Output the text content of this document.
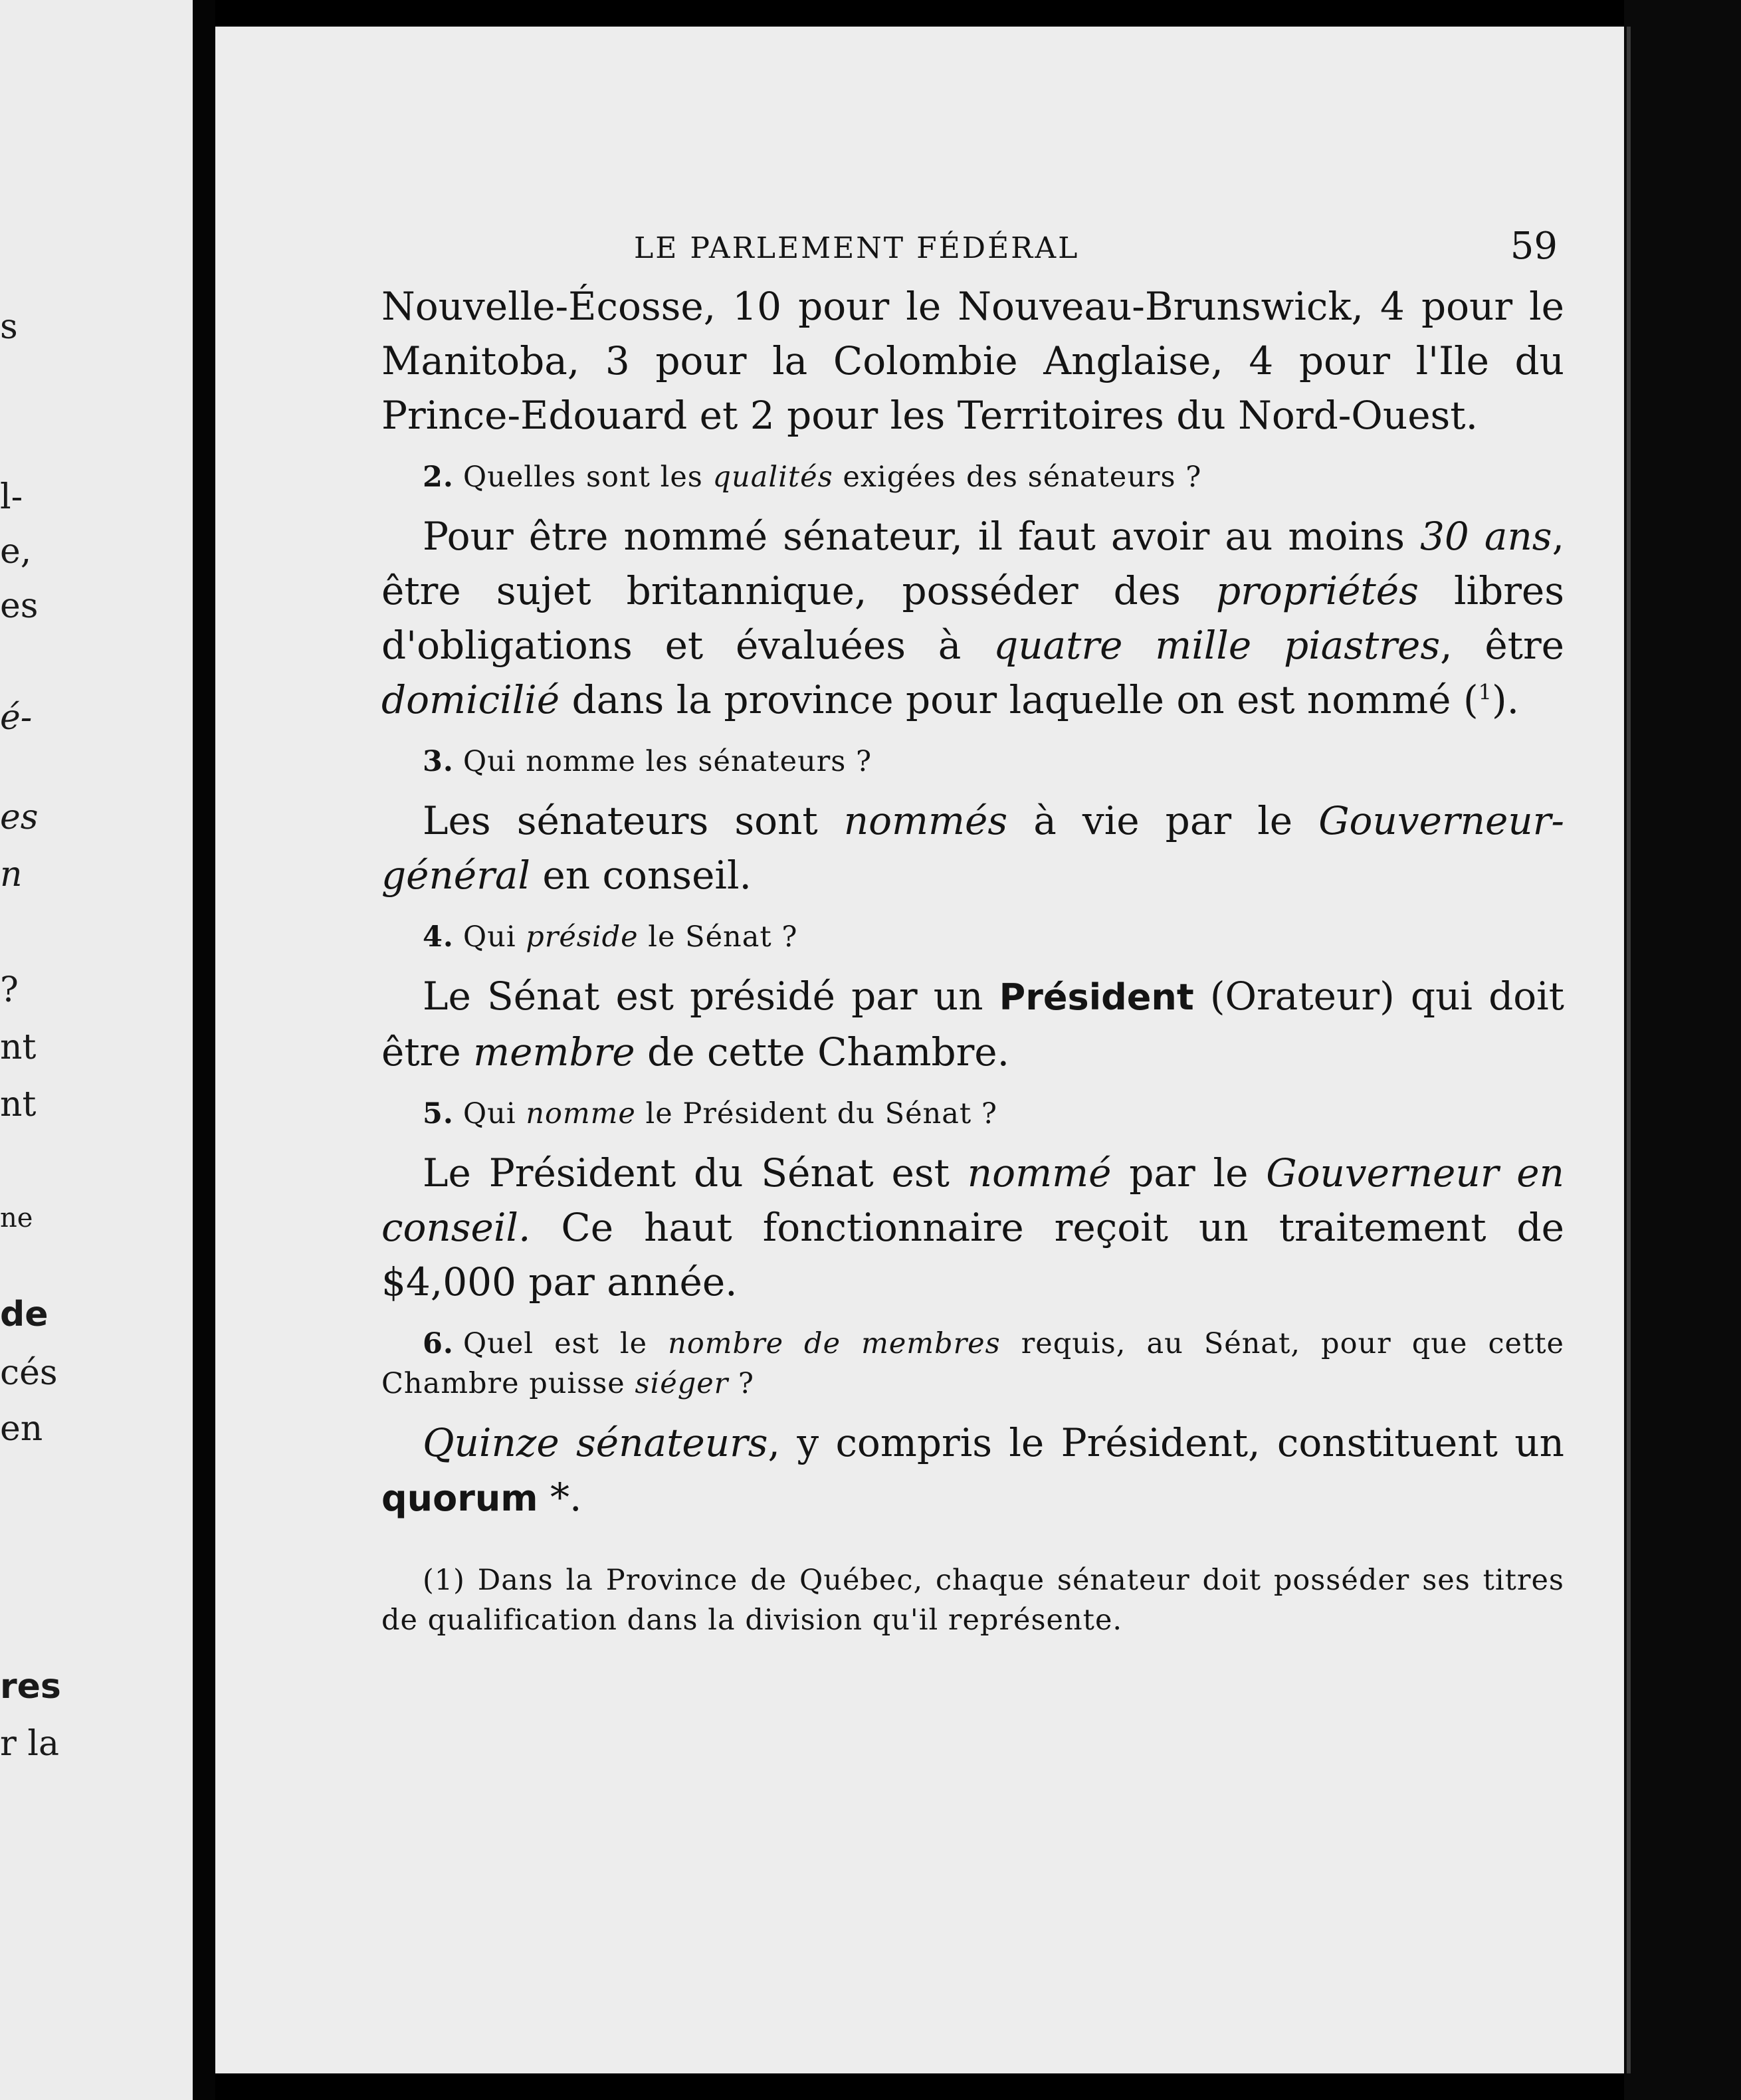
s
l-
e,
es
é-
es
n
?
nt
nt
ne
de
cés
en
res
r la
LE PARLEMENT FÉDÉRAL	59

Nouvelle-Écosse, 10 pour le Nouveau-Brunswick, 4 pour le Manitoba, 3 pour la Colombie Anglaise, 4 pour l'Ile du Prince-Edouard et 2 pour les Territoires du Nord-Ouest.

2. Quelles sont les qualités exigées des sénateurs ?

Pour être nommé sénateur, il faut avoir au moins 30 ans, être sujet britannique, posséder des propriétés libres d'obligations et évaluées à quatre mille piastres, être domicilié dans la province pour laquelle on est nommé ($^1$).

3. Qui nomme les sénateurs ?

Les sénateurs sont nommés à vie par le Gouverneur-général en conseil.

4. Qui préside le Sénat ?

Le Sénat est présidé par un Président (Orateur) qui doit être membre de cette Chambre.

5. Qui nomme le Président du Sénat ?

Le Président du Sénat est nommé par le Gouverneur en conseil. Ce haut fonctionnaire reçoit un traitement de $4,000 par année.

6. Quel est le nombre de membres requis, au Sénat, pour que cette Chambre puisse siéger ?

Quinze sénateurs, y compris le Président, constituent un quorum *.

(1) Dans la Province de Québec, chaque sénateur doit posséder ses titres de qualification dans la division qu'il représente.
